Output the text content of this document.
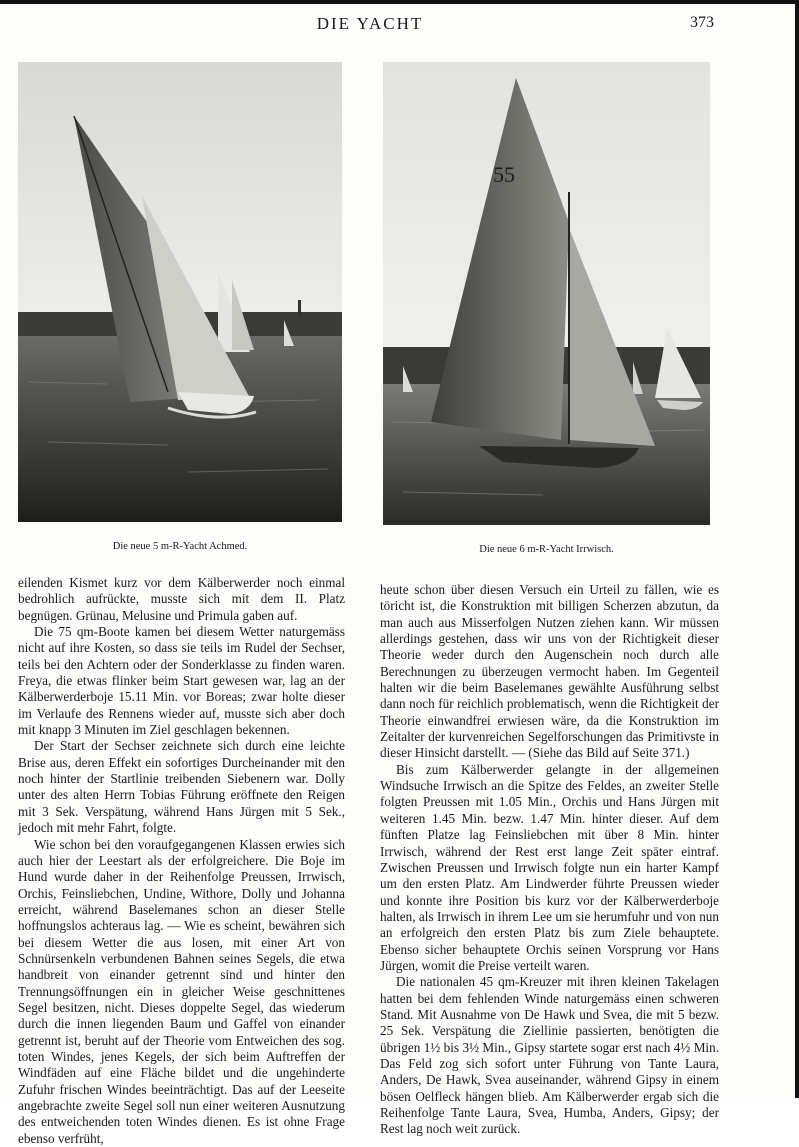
DIE YACHT	373
Die neue 5 m-R-Yacht Achmed.
55
Die neue 6 m-R-Yacht Irrwisch.

eilenden Kismet kurz vor dem Kälberwerder noch einmal bedrohlich aufrückte, musste sich mit dem II. Platz begnügen. Grünau, Melusine und Primula gaben auf.

Die 75 qm-Boote kamen bei diesem Wetter naturgemäss nicht auf ihre Kosten, so dass sie teils im Rudel der Sechser, teils bei den Achtern oder der Sonderklasse zu finden waren. Freya, die etwas flinker beim Start gewesen war, lag an der Kälberwerderboje 15.11 Min. vor Boreas; zwar holte dieser im Verlaufe des Rennens wieder auf, musste sich aber doch mit knapp 3 Minuten im Ziel geschlagen bekennen.

Der Start der Sechser zeichnete sich durch eine leichte Brise aus, deren Effekt ein sofortiges Durcheinander mit den noch hinter der Startlinie treibenden Siebenern war. Dolly unter des alten Herrn Tobias Führung eröffnete den Reigen mit 3 Sek. Verspätung, während Hans Jürgen mit 5 Sek., jedoch mit mehr Fahrt, folgte.

Wie schon bei den voraufgegangenen Klassen erwies sich auch hier der Leestart als der erfolgreichere. Die Boje im Hund wurde daher in der Reihenfolge Preussen, Irrwisch, Orchis, Feinsliebchen, Undine, Withore, Dolly und Johanna erreicht, während Baselemanes schon an dieser Stelle hoffnungslos achteraus lag. — Wie es scheint, bewähren sich bei diesem Wetter die aus losen, mit einer Art von Schnürsenkeln verbundenen Bahnen seines Segels, die etwa handbreit von einander getrennt sind und hinter den Trennungsöffnungen ein in gleicher Weise geschnittenes Segel besitzen, nicht. Dieses doppelte Segel, das wiederum durch die innen liegenden Baum und Gaffel von einander getrennt ist, beruht auf der Theorie vom Entweichen des sog. toten Windes, jenes Kegels, der sich beim Auftreffen der Windfäden auf eine Fläche bildet und die ungehinderte Zufuhr frischen Windes beeinträchtigt. Das auf der Leeseite angebrachte zweite Segel soll nun einer weiteren Ausnutzung des entweichenden toten Windes dienen. Es ist ohne Frage ebenso verfrüht,

heute schon über diesen Versuch ein Urteil zu fällen, wie es töricht ist, die Konstruktion mit billigen Scherzen abzutun, da man auch aus Misserfolgen Nutzen ziehen kann. Wir müssen allerdings gestehen, dass wir uns von der Richtigkeit dieser Theorie weder durch den Augenschein noch durch alle Berechnungen zu überzeugen vermocht haben. Im Gegenteil halten wir die beim Baselemanes gewählte Ausführung selbst dann noch für reichlich problematisch, wenn die Richtigkeit der Theorie einwandfrei erwiesen wäre, da die Konstruktion im Zeitalter der kurvenreichen Segelforschungen das Primitivste in dieser Hinsicht darstellt. — (Siehe das Bild auf Seite 371.)

Bis zum Kälberwerder gelangte in der allgemeinen Windsuche Irrwisch an die Spitze des Feldes, an zweiter Stelle folgten Preussen mit 1.05 Min., Orchis und Hans Jürgen mit weiteren 1.45 Min. bezw. 1.47 Min. hinter dieser. Auf dem fünften Platze lag Feinsliebchen mit über 8 Min. hinter Irrwisch, während der Rest erst lange Zeit später eintraf. Zwischen Preussen und Irrwisch folgte nun ein harter Kampf um den ersten Platz. Am Lindwerder führte Preussen wieder und konnte ihre Position bis kurz vor der Kälberwerderboje halten, als Irrwisch in ihrem Lee um sie herumfuhr und von nun an erfolgreich den ersten Platz bis zum Ziele behauptete. Ebenso sicher behauptete Orchis seinen Vorsprung vor Hans Jürgen, womit die Preise verteilt waren.

Die nationalen 45 qm-Kreuzer mit ihren kleinen Takelagen hatten bei dem fehlenden Winde naturgemäss einen schweren Stand. Mit Ausnahme von De Hawk und Svea, die mit 5 bezw. 25 Sek. Verspätung die Ziellinie passierten, benötigten die übrigen 1½ bis 3½ Min., Gipsy startete sogar erst nach 4½ Min. Das Feld zog sich sofort unter Führung von Tante Laura, Anders, De Hawk, Svea auseinander, während Gipsy in einem bösen Oelfleck hängen blieb. Am Kälberwerder ergab sich die Reihenfolge Tante Laura, Svea, Humba, Anders, Gipsy; der Rest lag noch weit zurück.
